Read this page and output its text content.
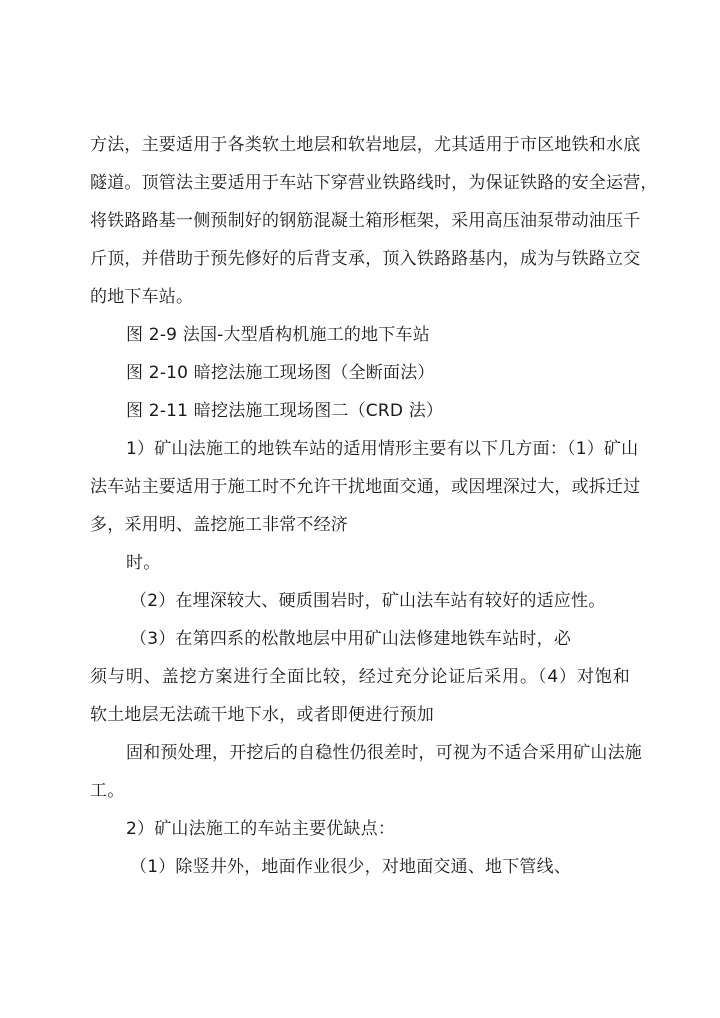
方法，主要适用于各类软土地层和软岩地层，尤其适用于市区地铁和水底
隧道。顶管法主要适用于车站下穿营业铁路线时，为保证铁路的安全运营，
将铁路路基一侧预制好的钢筋混凝土箱形框架，采用高压油泵带动油压千
斤顶，并借助于预先修好的后背支承，顶入铁路路基内，成为与铁路立交
的地下车站。
图 2-9 法国-大型盾构机施工的地下车站
图 2-10 暗挖法施工现场图（全断面法）
图 2-11 暗挖法施工现场图二（CRD 法）
1）矿山法施工的地铁车站的适用情形主要有以下几方面：（1）矿山
法车站主要适用于施工时不允许干扰地面交通，或因埋深过大，或拆迁过
多，采用明、盖挖施工非常不经济
时。
（2）在埋深较大、硬质围岩时，矿山法车站有较好的适应性。
（3）在第四系的松散地层中用矿山法修建地铁车站时，必
须与明、盖挖方案进行全面比较，经过充分论证后采用。（4）对饱和
软土地层无法疏干地下水，或者即便进行预加
固和预处理，开挖后的自稳性仍很差时，可视为不适合采用矿山法施
工。
2）矿山法施工的车站主要优缺点：
（1）除竖井外，地面作业很少，对地面交通、地下管线、
